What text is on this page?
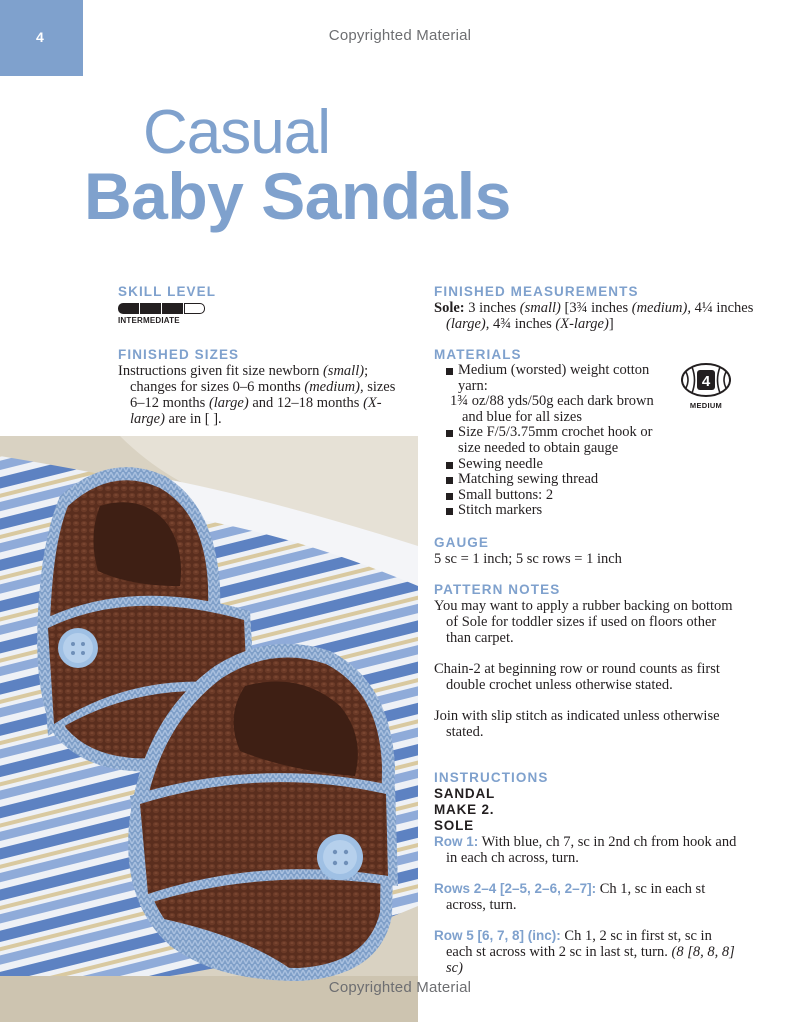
4	Copyrighted Material
Casual
Baby Sandals
SKILL LEVEL
INTERMEDIATE
FINISHED SIZES

Instructions given fit size newborn (small); changes for sizes 0–6 months (medium), sizes 6–12 months (large) and 12–18 months (X-large) are in [ ].

FINISHED MEASUREMENTS

Sole: 3 inches (small) [3¾ inches (medium), 4¼ inches (large), 4¾ inches (X-large)]

MATERIALS
Medium (worsted) weight cotton yarn:
1¾ oz/88 yds/50g each dark brown and blue for all sizes
Size F/5/3.75mm crochet hook or size needed to obtain gauge
Sewing needle
Matching sewing thread
Small buttons: 2
Stitch markers
4
MEDIUM
GAUGE

5 sc = 1 inch; 5 sc rows = 1 inch

PATTERN NOTES

You may want to apply a rubber backing on bottom of Sole for toddler sizes if used on floors other than carpet.

Chain-2 at beginning row or round counts as first double crochet unless otherwise stated.

Join with slip stitch as indicated unless otherwise stated.

INSTRUCTIONS
SANDAL
MAKE 2.
SOLE

Row 1: With blue, ch 7, sc in 2nd ch from hook and in each ch across, turn.

Rows 2–4 [2–5, 2–6, 2–7]: Ch 1, sc in each st across, turn.

Row 5 [6, 7, 8] (inc): Ch 1, 2 sc in first st, sc in each st across with 2 sc in last st, turn. (8 [8, 8, 8] sc)

Copyrighted Material
